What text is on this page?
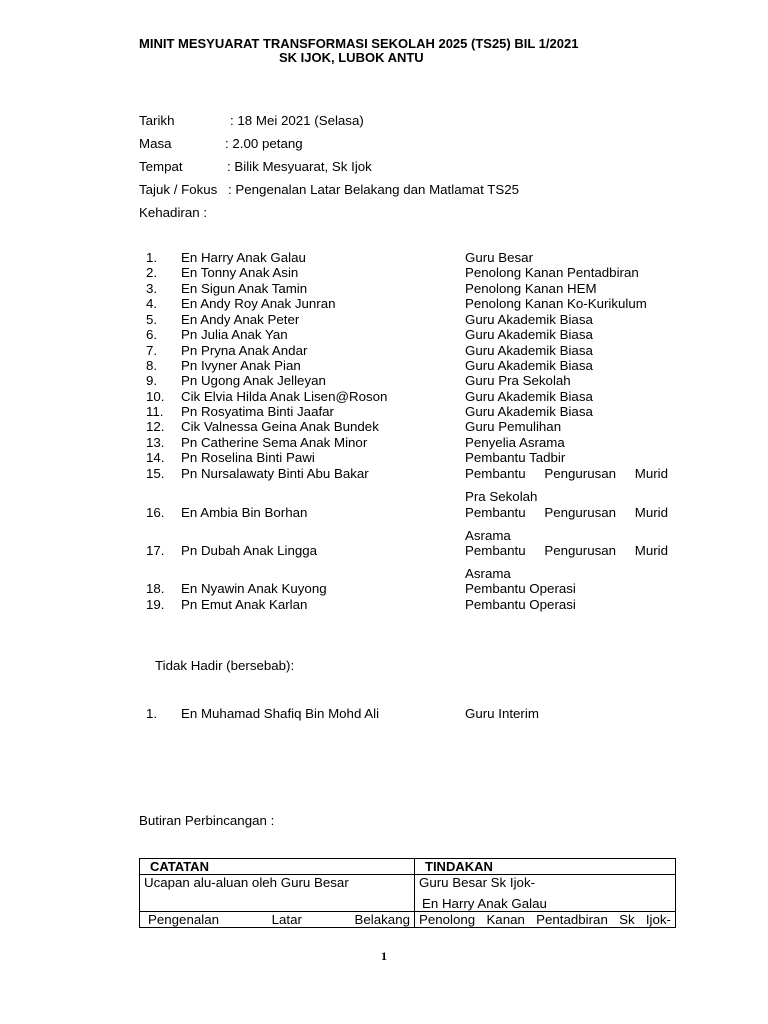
MINIT MESYUARAT TRANSFORMASI SEKOLAH 2025 (TS25) BIL 1/2021
SK IJOK, LUBOK ANTU
Tarikh	: 18 Mei 2021 (Selasa)
Masa	: 2.00 petang
Tempat	: Bilik Mesyuarat, Sk Ijok
Tajuk / Fokus : Pengenalan Latar Belakang dan Matlamat TS25
Kehadiran :
1. En Harry Anak Galau	Guru Besar
2. En Tonny Anak Asin	Penolong Kanan Pentadbiran
3. En Sigun Anak Tamin	Penolong Kanan HEM
4. En Andy Roy Anak Junran	Penolong Kanan Ko-Kurikulum
5. En Andy Anak Peter	Guru Akademik Biasa
6. Pn Julia Anak Yan	Guru Akademik Biasa
7. Pn Pryna Anak Andar	Guru Akademik Biasa
8. Pn Ivyner Anak Pian	Guru Akademik Biasa
9. Pn Ugong Anak Jelleyan	Guru Pra Sekolah
10. Cik Elvia Hilda Anak Lisen@Roson	Guru Akademik Biasa
11. Pn Rosyatima Binti Jaafar	Guru Akademik Biasa
12. Cik Valnessa Geina Anak Bundek	Guru Pemulihan
13. Pn Catherine Sema Anak Minor	Penyelia Asrama
14. Pn Roselina Binti Pawi	Pembantu Tadbir
15. Pn Nursalawaty Binti Abu Bakar	Pembantu Pengurusan Murid
Pra Sekolah
16. En Ambia Bin Borhan	Pembantu Pengurusan Murid
Asrama
17. Pn Dubah Anak Lingga	Pembantu Pengurusan Murid
Asrama
18. En Nyawin Anak Kuyong	Pembantu Operasi
19. Pn Emut Anak Karlan	Pembantu Operasi
Tidak Hadir (bersebab):
1. En Muhamad Shafiq Bin Mohd Ali	Guru Interim
Butiran Perbincangan :
CATATAN	TINDAKAN
Ucapan alu-aluan oleh Guru Besar	Guru Besar Sk Ijok-
En Harry Anak Galau

Pengenalan Latar Belakang	Penolong Kanan Pentadbiran Sk Ijok-
1
